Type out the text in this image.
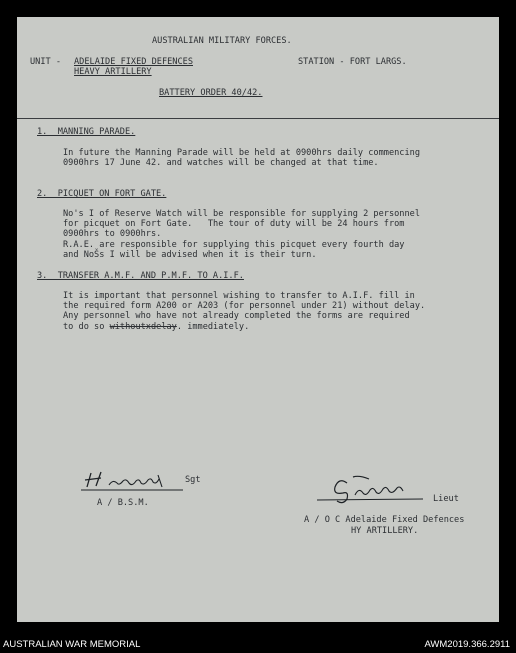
AUSTRALIAN MILITARY FORCES.
UNIT - ADELAIDE FIXED DEFENCES
HEAVY ARTILLERY
STATION - FORT LARGS.
BATTERY ORDER 40/42.
1.  MANNING PARADE.
In future the Manning Parade will be held at 0900hrs daily commencing
0900hrs 17 June 42. and watches will be changed at that time.
2.  PICQUET ON FORT GATE.
No's I of Reserve Watch will be responsible for supplying 2 personnel
for picquet on Fort Gate.   The tour of duty will be 24 hours from
0900hrs to 0900hrs.
R.A.E. are responsible for supplying this picquet every fourth day
and NoŠs I will be advised when it is their turn.
3.  TRANSFER A.M.F. AND P.M.F. TO A.I.F.
It is important that personnel wishing to transfer to A.I.F. fill in
the required form A200 or A203 (for personnel under 21) without delay.
Any personnel who have not already completed the forms are required
to do so withoutxdelay. immediately.
Sgt
A / B.S.M.	Lieut
A / O C Adelaide Fixed Defences
HY ARTILLERY.
AUSTRALIAN WAR MEMORIAL	AWM2019.366.2911
